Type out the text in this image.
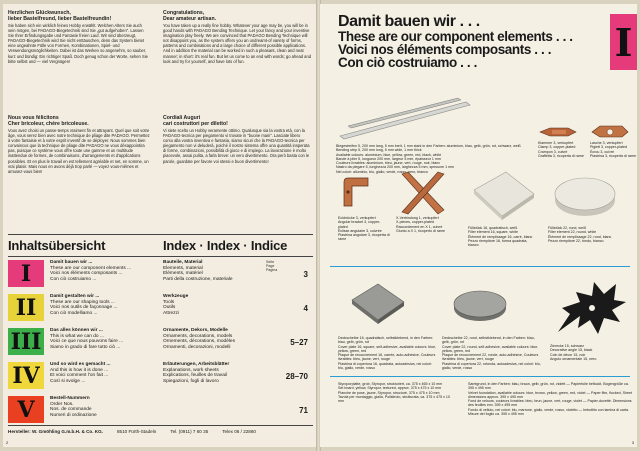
Herzlichen Glückwunsch,
lieber Bastelfreund, lieber Bastelfreundin!

Sie haben sich ein wirklich feines Hobby erwählt. Welchen Alters Sie auch sein mögen, bei PADAGO-Biegetechnik sind Sie „gut aufgehoben“. Lassen Sie Ihrer Erfindungsgabe und Fantasie freien Lauf. Wir sind überzeugt, PADAGO-Biegetechnik wird Sie nicht enttäuschen, denn das System bietet eine ungeahnte Fülle von Formen, Kombinationen, Spiel- und Verwendungsmöglichkeiten. Dabei ist das Werken so angenehm, so sauber, kurz und bündig: Ein richtiger Spaß. Doch genug schon der Worte, sehen Sie bitte selbst und — viel Vergnügen!

Congratulations,
Dear amateur artisan.

You have taken up a really fine hobby. Whatever your age may be, you will be in good hands with PADAGO Bending Technique. Let your fancy and your inventive imagination play freely. We are convinced that PADAGO Bending Technique will not disappoint you, as the system offers you an undreamt-of variety of forms, patterns and combinations and a large choice of different possible applications. And in addition the material can be worked in such a pleasant, clean and neat manner; in short: it's real fun. But let us come to an end with words; go ahead and look and try for yourself, and have lots of fun.

Nous vous félicitons
Cher bricoleur, chère bricoleuse.

Vous avez choisi un passe-temps vraiment fin et attrayant. Quel que soit votre âge, vous serez bien avec notre technique de pliage dite PADAGO. Permettez à votre fantaisie et à votre esprit inventif de se déployer. Nous sommes bien convaincus que la technique de pliage dite PADAGO ne vous désappointira pas, puisque ce système vous offre toute une gamme et un multitude inattendue de formes, de combinaisons, d'arrangements et d'applications possibles. Et en plus le travail en est tellement agréable et net, en somme, un vrai plaisir. Mais nous en avons déjà trop parlé — voyez vous-mêmes et amusez-vous bien!

Cordiali Auguri
cari costruttori per diletto!

Vi siete scelto un Hobby veramente ottimo. Qualunque sia la vostra età, con la PADAGO-tecnica per piegamento vi trovate in "buone mani". Lasciate libero corso alla vostra inventiva e fantasia, siamo sicuri che la PADAGO-tecnica per piegamento non vi deluderà, poiché il nostro sistema offre una quantità insperata di forme, combinazioni, possibilità di gioco e di impiego. La lavorazione è molto piacevole, assai pulita, a farla breve: un vero divertimento. Ora però basta con le parole, guardate per favore voi stessi e buon divertimento!

Inhaltsübersicht	Index · Index · Indice
I	Damit bauen wir ...
These are our component elements ...
Voici nos éléments composants ...
Con ciò costruiamo ...
Bauteile, Material
Elements, material
Eléments, matériel
Parti della costruzione, materiale
Seite
Page
Pagina	3
II	Damit gestalten wir ...
These are our shaping tools ...
Voici nos outils de façonnage ...
Con ciò modelliamo ...
Werkzeuge
Tools
Outils
Attrezzi
4
III	Das alles können wir ...
This is what we can do ...
Voici ce que nous pouvons faire ...
Siamo in grado di fare tutto ciò ...
Ornamente, Dekors, Modelle
Ornaments, decorations, models
Ornements, décorations, modèles
Ornamenti, decorazioni, modelli
5–27
IV	Und so wird es gemacht ...
And this is how it is done ...
Et voici comment l'on fait ...
Così si svolge ...
Erläuterungen, Arbeitsblätter
Explanations, work sheets
Explications, feuilles de travail
Spiegazioni, fogli di lavoro
28–70
V	Bestell-Nummern
Order Nos.
Nos. de commande
Numeri di ordinazione
71
Hersteller: W. Gmöhling G.m.b.H. & Co. KG.	8510 Fürth-Stadeln	Tel. (0911) 7 60 35	Telex 06 / 22860
2
Damit bauen wir . . .
These are our component elements . . .
Voici nos éléments composants . . .
Con ciò costruiamo . . .	I
Biegestreifen 5, 200 mm lang, 5 mm breit, 1 mm stark in den Farben: aluminium, blau, gelb, grün, rot, schwarz, weiß
Bending strip 5, 200 mm long, 5 mm wide, 1 mm thick
Available colours: aluminium, blue, yellow, green, red, black, white
Bande à plier 5, longueur 200 mm, largeur 5 mm, épaisseur 1 mm
Couleurs livrables: aluminium, bleu, jaune, vert, rouge, noir, blanc
Nastro da piegare 5, lunghezza 200 mm, larghezza 5 mm, spessore 1 mm
Nei colori: alluminio, blu, giallo, verde, rosso, nero, bianco
Klammer 3, verkupfert
Clamp 3, copper-plated
Crampon 3, cuivré
Graffetta 3, ricoperta di rame
Lasche 3, verkupfert
Piglett 3, copper-plated
Écrou 3, cuivré
Piastrina 3, ricoperta di rame
Eckbrücke 3, verkupfert
Angular bracket 3, copper-plated
Éclisse angulaire 3, cuivrée
Piastrina angolare 3, ricoperta di rame
X-Verbindung 1, verkupfert
X-pieces, copper-plated
Raccordement en X 1, cuivré
Giunto a X 1, ricoperto di rame
Füllstück 16, quadratisch, weiß
Filler element 16, square, white
Élément de remplissage 16, carré, blanc
Pezzo riempitore 16, forma quadrata, bianco
Füllstück 22, rund, weiß
Filler element 22, round, white
Élément de remplissage 22, rond, blanc
Pezzo riempitore 22, tondo, bianco
Deckscheibe 16, quadratisch, selbstklebend, in den Farben: blau, gelb, grün, rot
Cover plate 16, square, self-adhesive, available colours: blue, yellow, green, red
Plaque de recouvrement 16, carrée, auto-adhésive, Couleurs livrables: bleu, jaune, vert, rouge
Piastrina di copertura 16, quadrata, autoadesiva, nei colori: blu, giallo, verde, rosso
Deckscheibe 22, rund, selbstklebend, in den Farben: blau, gelb, grün, rot
Cover plate 22, round, self-adhesive, available colours: blue, yellow, green, red
Plaque de recouvrement 22, ronde, auto-adhésive, Couleurs livrables: bleu, jaune, vert, rouge
Piastrina di copertura 22, rotonda, autoadesiva, nei colori: blu, giallo, verde, rosso
Zierecke 15, schwarz
Decorative angle 15, black
Coin de décor 15, noir
Angolo ornamentale 15, nero
Styroporplatte, grob, Styropor, strukturiert, ca. 375 x 465 x 10 mm
Set board, yellow, Styropor, textured, approx. 375 x 475 x 10 mm
Planche de pose, jaune, Styropor, structuré, 375 x 475 x 10 mm
Tavola per montaggio, gialla, Polistirolo, strutturata, ca. 375 x 475 x 10 mm
Samtgrund, in den Farben: blau, braun, gelb, grün, rot, violett — Papierfolie beflockt, Bogengröße ca. 395 x 495 mm
Velvet foundation, available colours: blue, brown, yellow, green, red, violet — Paper film, flocked, Sheet dimensions approx. 395 x 495 mm
Fond de velours, couleurs livrables: bleu, brun, jaune, vert, rouge, violet — Papier-duvetté. Dimensions des feuilles env. 395 x 495 mm
Fondo di velluto, nei colori: blu, marrone, giallo, verde, rosso, violetto — Imbottito con lamina di carta. Misure del foglio ca. 395 x 495 mm
3
